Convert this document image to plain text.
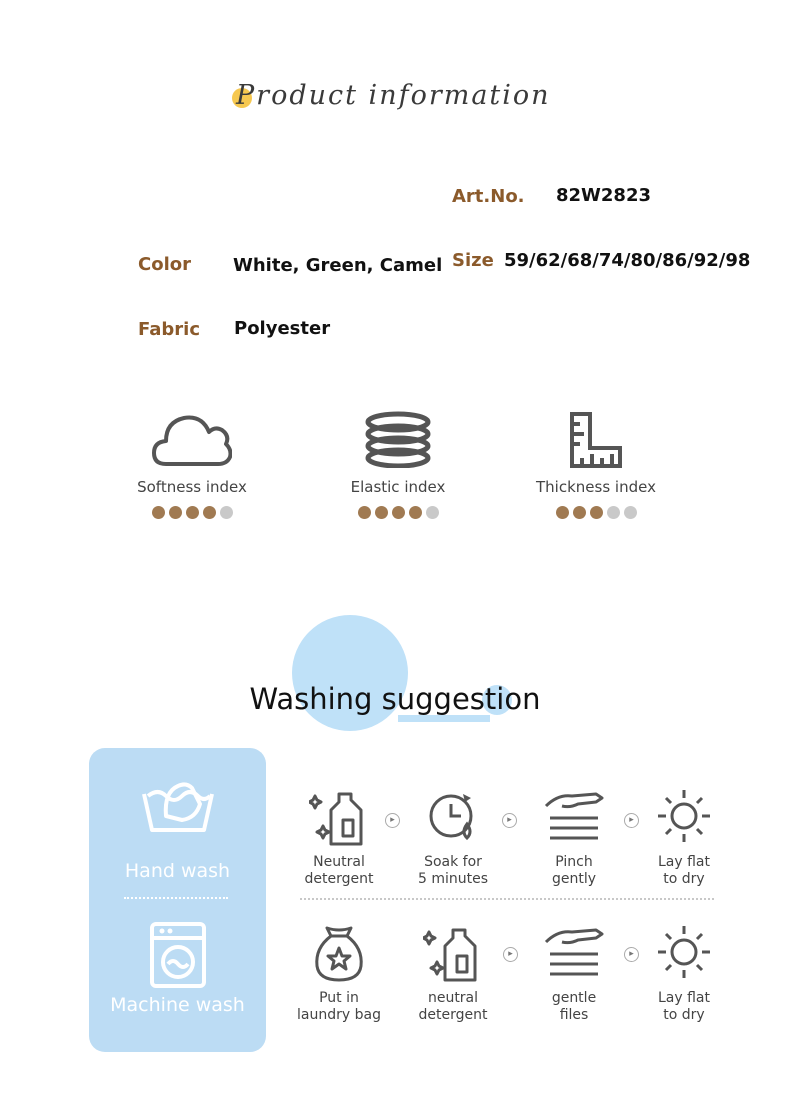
Product information
Art.No. 82W2823
Color White, Green, Camel Size 59/62/68/74/80/86/92/98
Fabric Polyester
Softness index	Elastic index	Thickness index
Washing suggestion
Hand wash
Machine wash
Neutral
detergent
▸
Soak for
5 minutes
▸
Pinch
gently
▸
Lay flat
to dry
Put in
laundry bag
▸
neutral
detergent
gentle
files
▸
Lay flat
to dry
